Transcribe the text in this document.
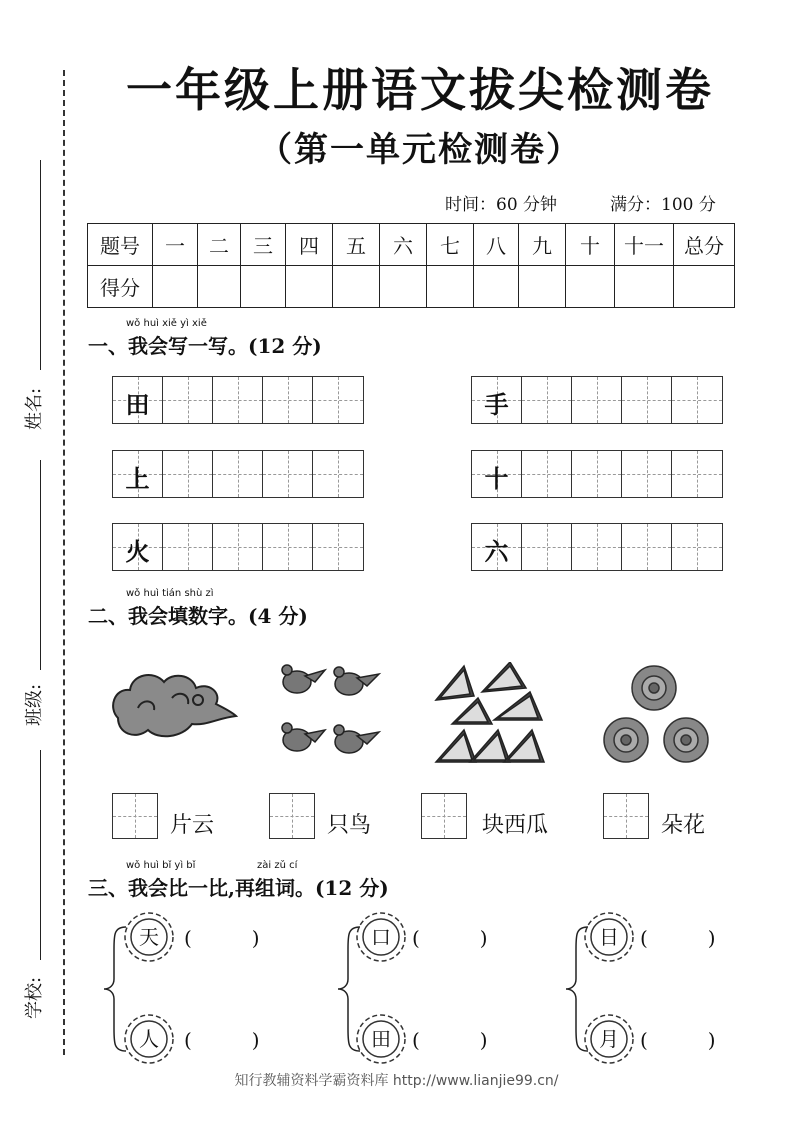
姓名:
班级:
学校:
一年级上册语文拔尖检测卷
（第一单元检测卷）
时间：60 分钟	满分：100 分
题号	一	二	三	四	五	六	七	八	九	十	十一	总分
得分												
wǒ huì xiě yì xiě
一、我会写一写。(12 分)
田	手
上	十
火	六
wǒ huì tián shù zì
二、我会填数字。(4 分)
片云	只鸟	块西瓜	朵花
wǒ huì bǐ yì bǐ	zài zǔ cí
三、我会比一比,再组词。(12 分)
天	(　　　)
人	(　　　)
口	(　　　)
田	(　　　)
日	(　　　)
月	(　　　)
知行教辅资料学霸资料库 http://www.lianjie99.cn/
